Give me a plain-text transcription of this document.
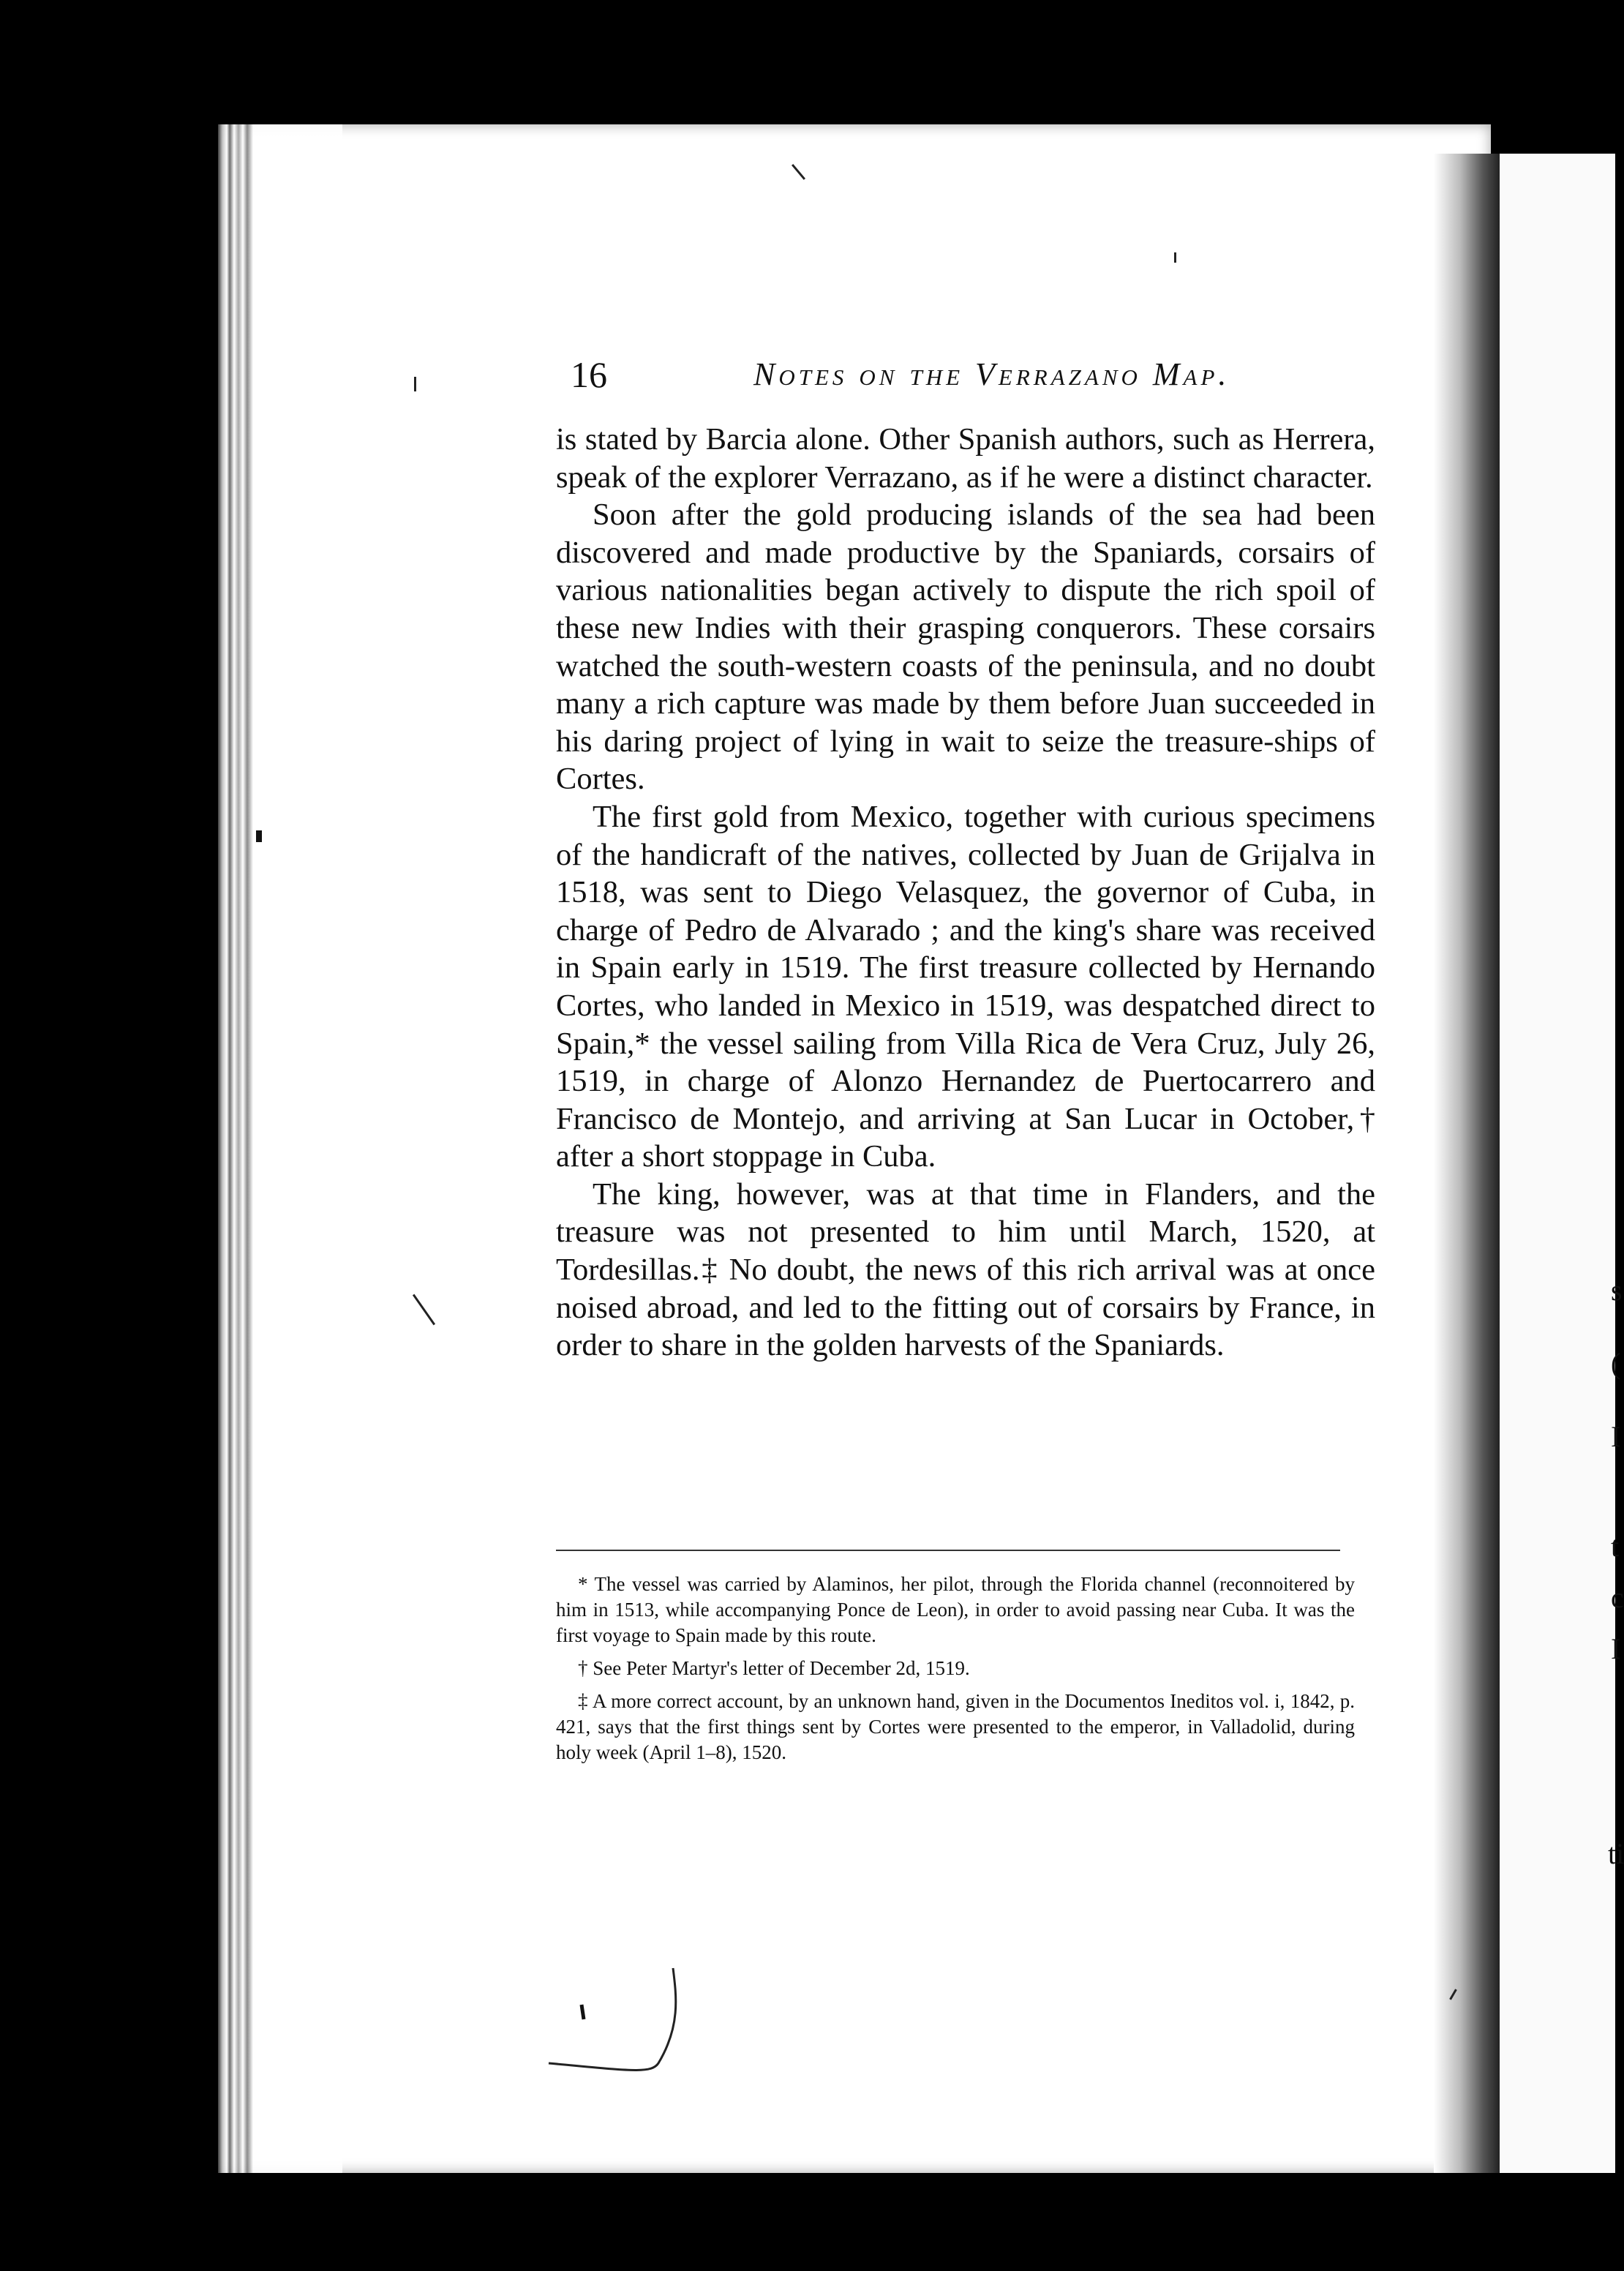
s
(
I
t
c
I
ti
16	Notes on the Verrazano Map.

is stated by Barcia alone. Other Spanish authors, such as Herrera, speak of the explorer Verrazano, as if he were a distinct character.

Soon after the gold producing islands of the sea had been discovered and made productive by the Spaniards, corsairs of various nationalities began actively to dispute the rich spoil of these new Indies with their grasping conquerors. These corsairs watched the south-western coasts of the peninsula, and no doubt many a rich capture was made by them before Juan succeeded in his daring project of lying in wait to seize the treasure-ships of Cortes.

The first gold from Mexico, together with curious specimens of the handicraft of the natives, collected by Juan de Grijalva in 1518, was sent to Diego Velasquez, the governor of Cuba, in charge of Pedro de Alvarado ; and the king's share was received in Spain early in 1519. The first treasure collected by Hernando Cortes, who landed in Mexico in 1519, was despatched direct to Spain,* the vessel sailing from Villa Rica de Vera Cruz, July 26, 1519, in charge of Alonzo Hernandez de Puertocarrero and Francisco de Montejo, and arriving at San Lucar in October,† after a short stoppage in Cuba.

The king, however, was at that time in Flanders, and the treasure was not presented to him until March, 1520, at Tordesillas.‡ No doubt, the news of this rich arrival was at once noised abroad, and led to the fitting out of corsairs by France, in order to share in the golden harvests of the Spaniards.

* The vessel was carried by Alaminos, her pilot, through the Florida channel (reconnoitered by him in 1513, while accompanying Ponce de Leon), in order to avoid passing near Cuba. It was the first voyage to Spain made by this route.

† See Peter Martyr's letter of December 2d, 1519.

‡ A more correct account, by an unknown hand, given in the Documentos Ineditos vol. i, 1842, p. 421, says that the first things sent by Cortes were presented to the emperor, in Valladolid, during holy week (April 1–8), 1520.
